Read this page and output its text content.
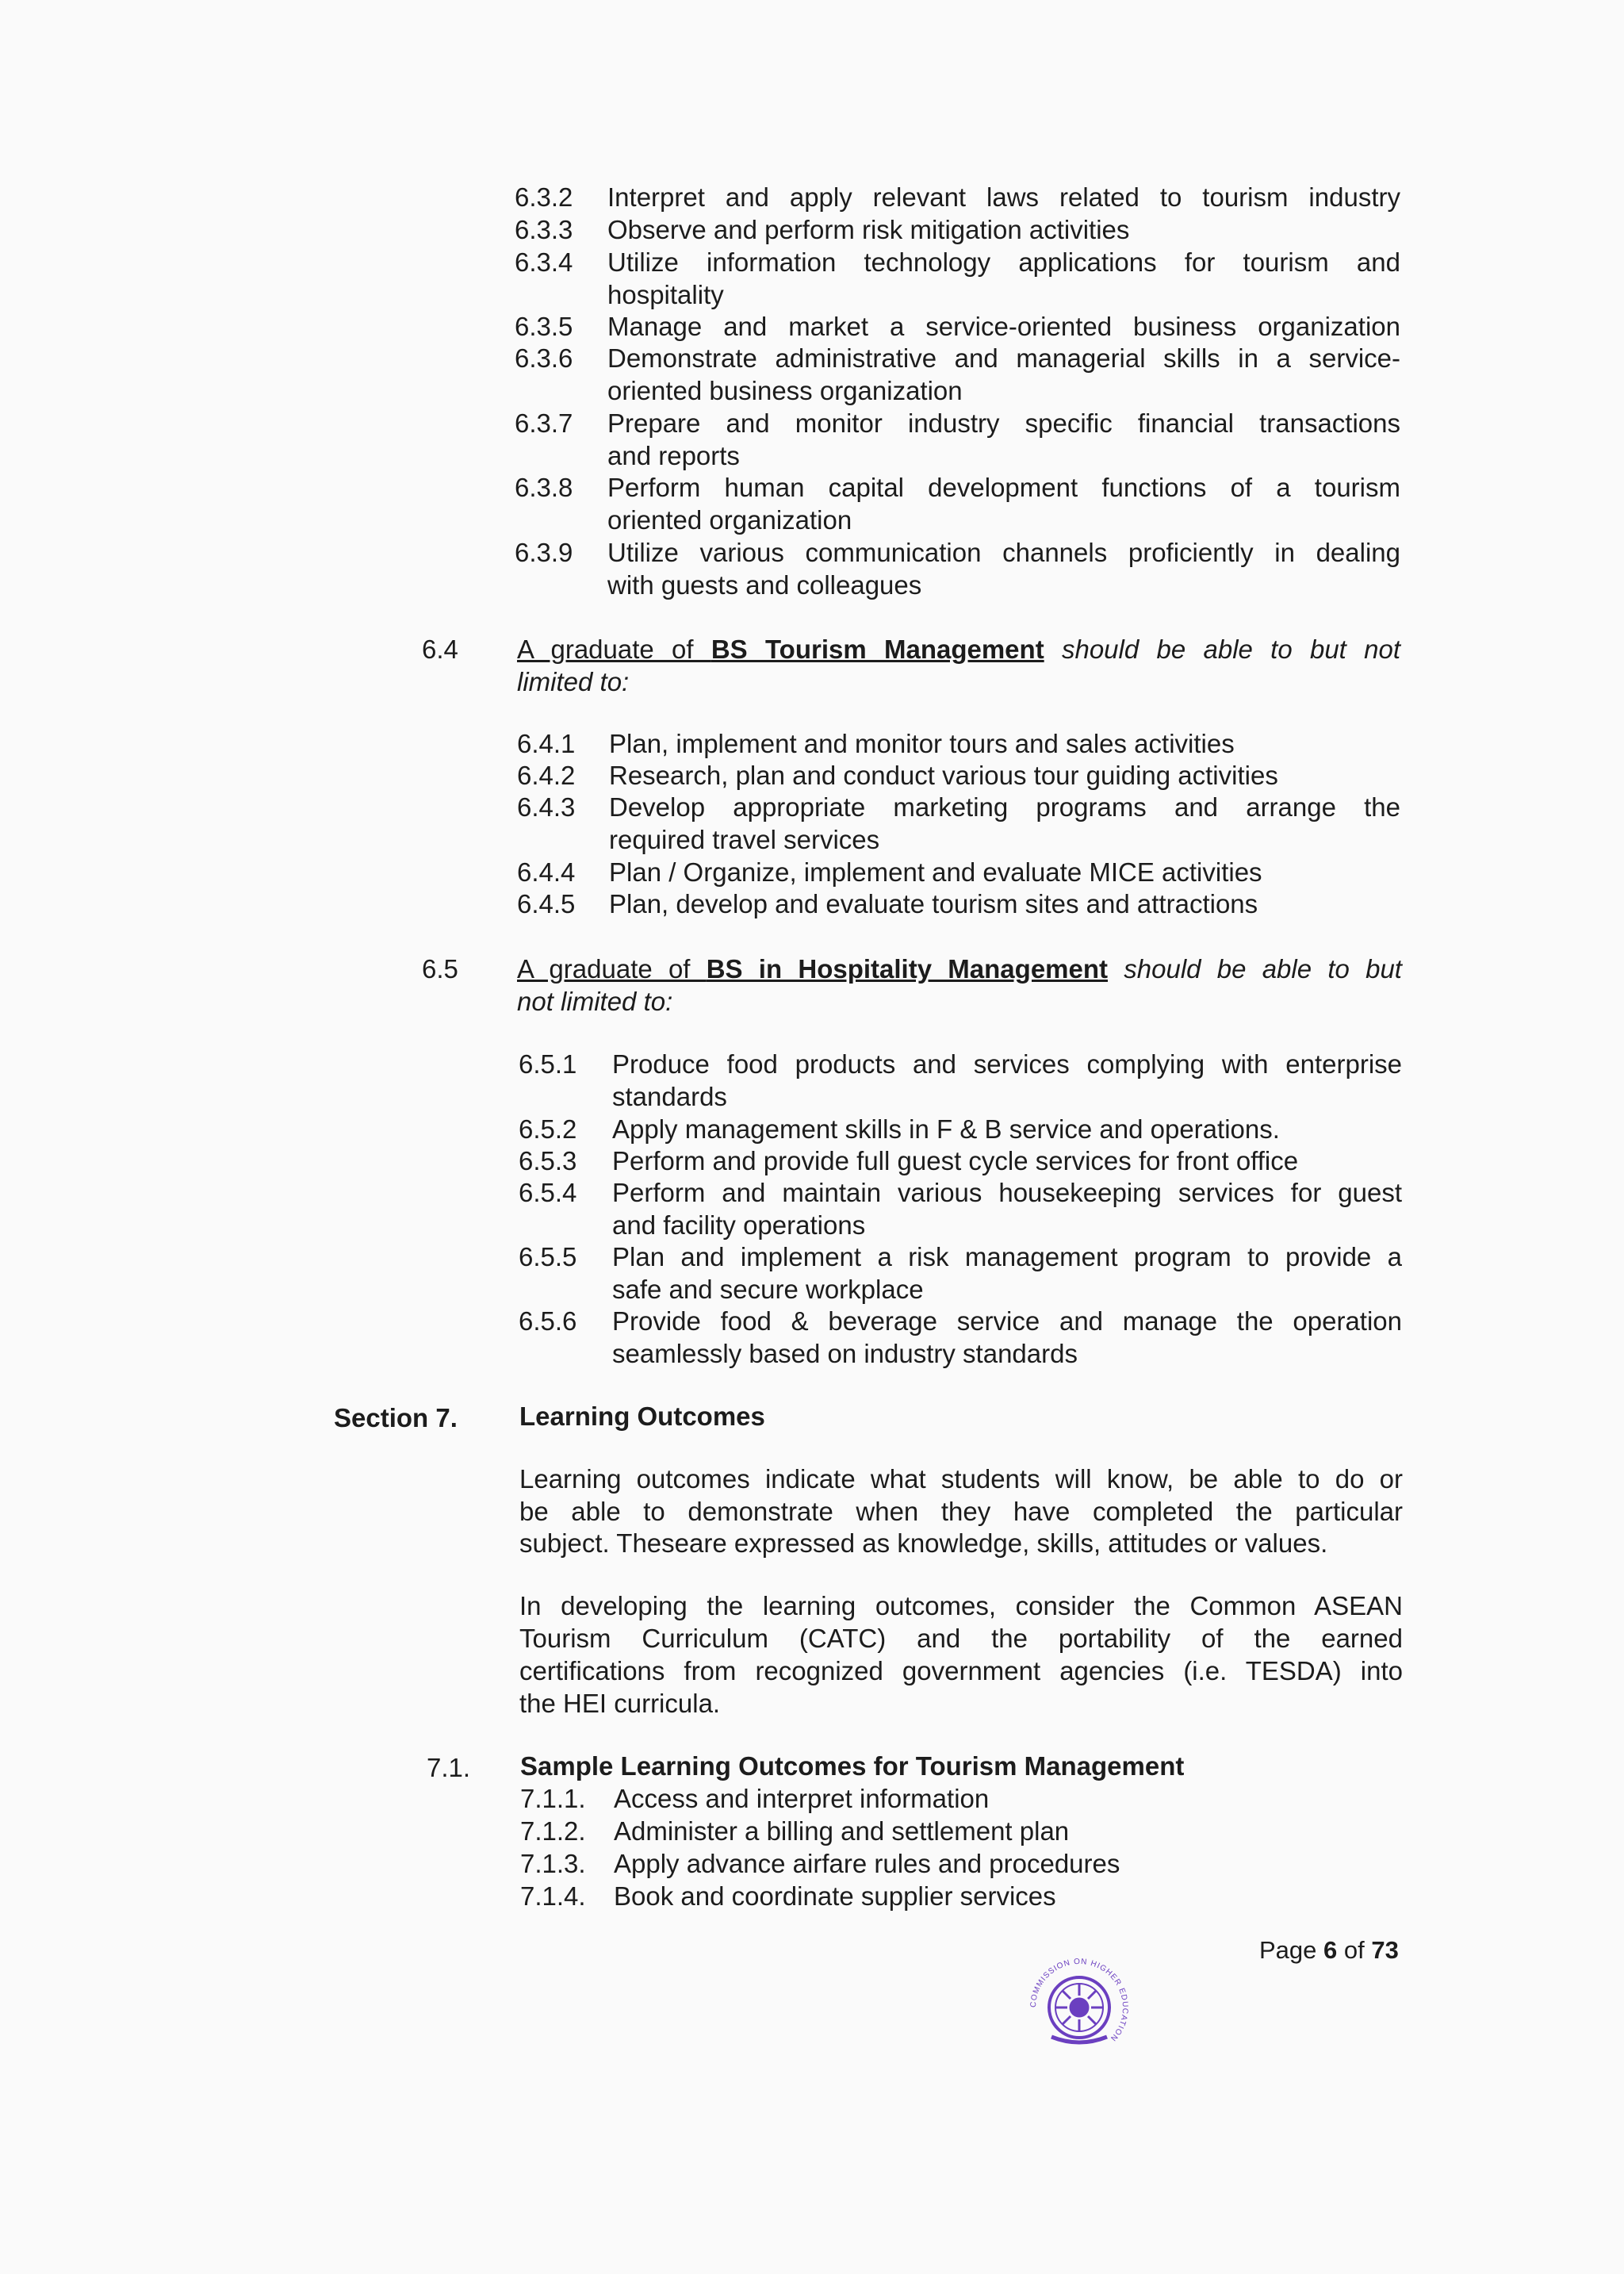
6.3.2 Interpret and apply relevant laws related to tourism industry
6.3.3 Observe and perform risk mitigation activities
6.3.4 Utilize information technology applications for tourism and
hospitality
6.3.5 Manage and market a service-oriented business organization
6.3.6 Demonstrate administrative and managerial skills in a service-
oriented business organization
6.3.7 Prepare and monitor industry specific financial transactions
and reports
6.3.8 Perform human capital development functions of a tourism
oriented organization
6.3.9 Utilize various communication channels proficiently in dealing
with guests and colleagues
6.4 A graduate of BS Tourism Management should be able to but not
limited to:
6.4.1 Plan, implement and monitor tours and sales activities
6.4.2 Research, plan and conduct various tour guiding activities
6.4.3 Develop appropriate marketing programs and arrange the
required travel services
6.4.4 Plan / Organize, implement and evaluate MICE activities
6.4.5 Plan, develop and evaluate tourism sites and attractions
6.5 A graduate of BS in Hospitality Management should be able to but
not limited to:
6.5.1 Produce food products and services complying with enterprise
standards
6.5.2 Apply management skills in F & B service and operations.
6.5.3 Perform and provide full guest cycle services for front office
6.5.4 Perform and maintain various housekeeping services for guest
and facility operations
6.5.5 Plan and implement a risk management program to provide a
safe and secure workplace
6.5.6 Provide food & beverage service and manage the operation
seamlessly based on industry standards
Section 7. Learning Outcomes
Learning outcomes indicate what students will know, be able to do or
be able to demonstrate when they have completed the particular
subject. Theseare expressed as knowledge, skills, attitudes or values.
In developing the learning outcomes, consider the Common ASEAN
Tourism Curriculum (CATC) and the portability of the earned
certifications from recognized government agencies (i.e. TESDA) into
the HEI curricula.
7.1. Sample Learning Outcomes for Tourism Management
7.1.1. Access and interpret information
7.1.2. Administer a billing and settlement plan
7.1.3. Apply advance airfare rules and procedures
7.1.4. Book and coordinate supplier services
Page 6 of 73
COMMISSION ON HIGHER EDUCATION
